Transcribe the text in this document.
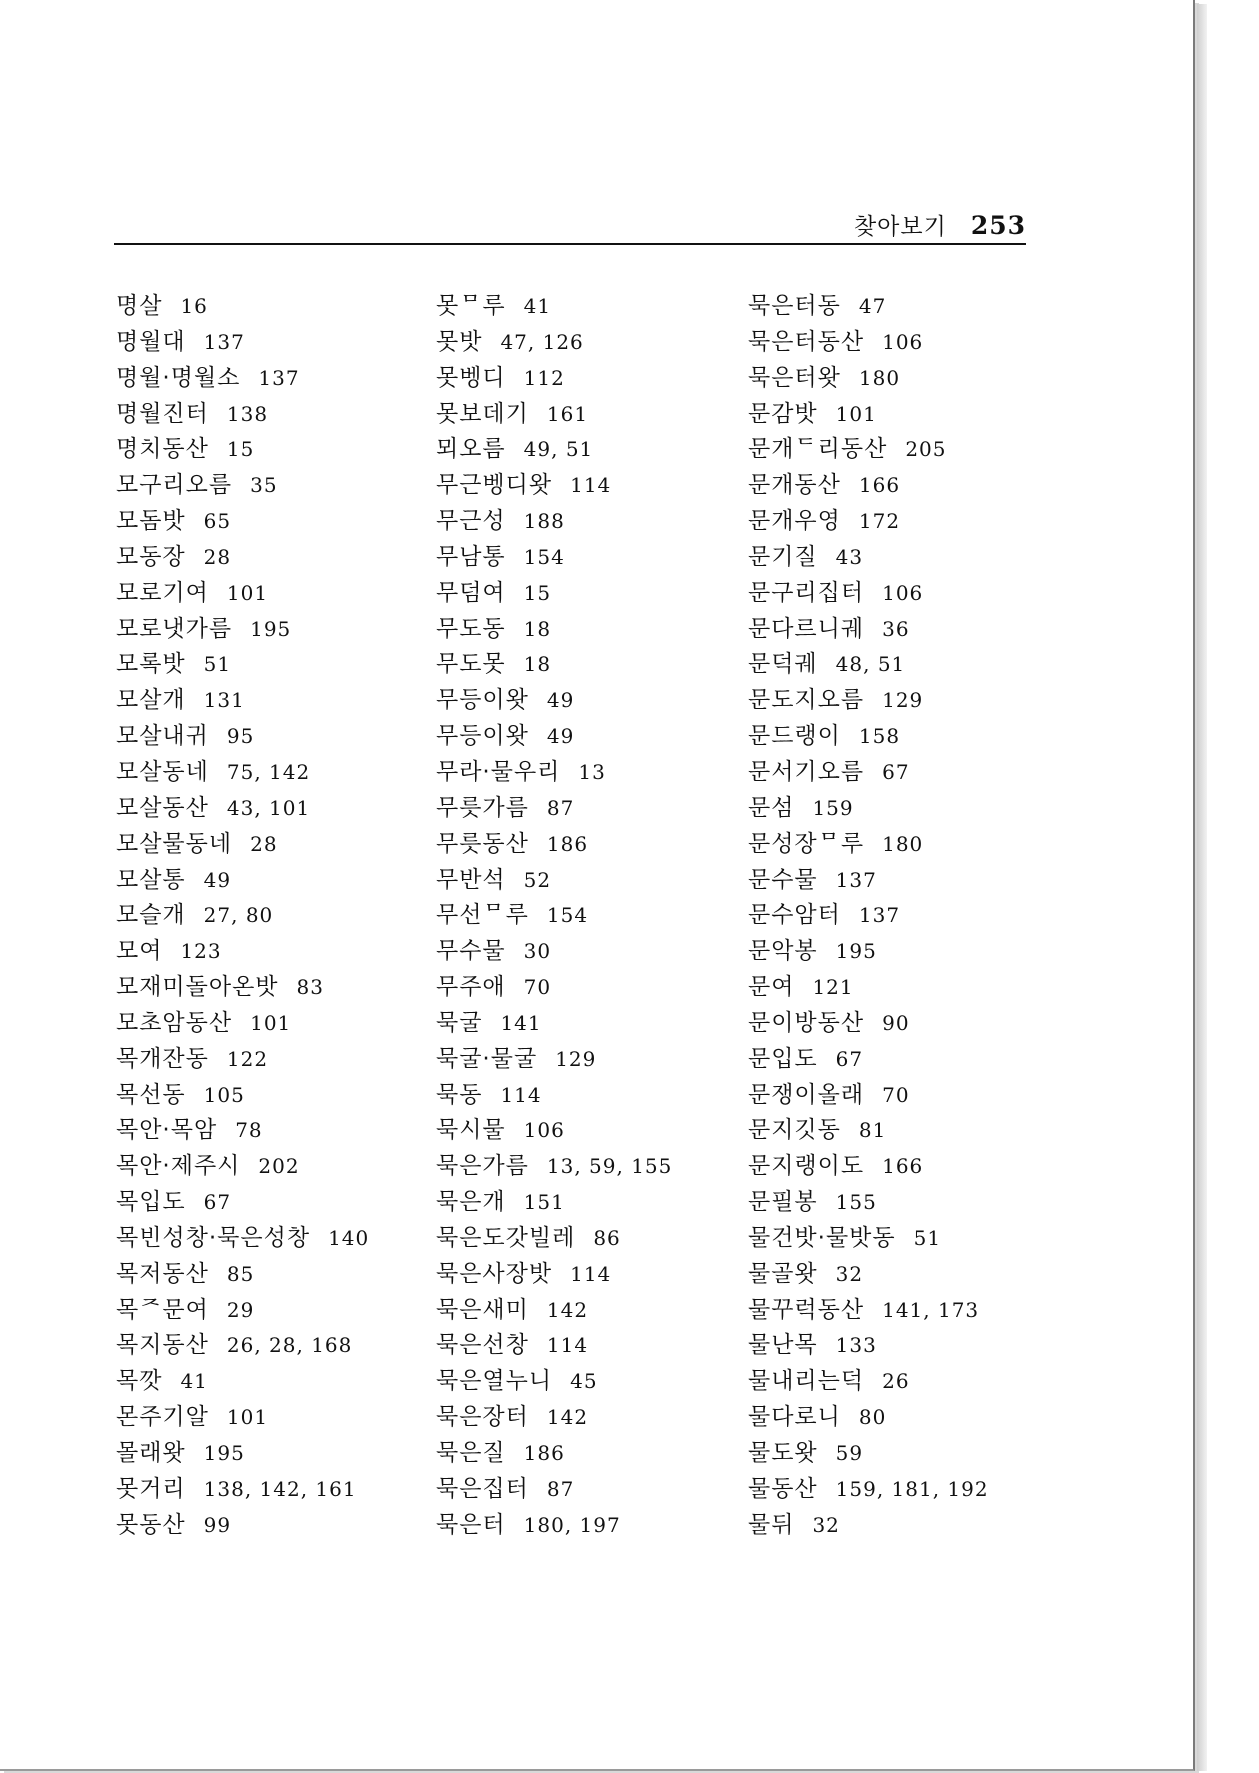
찾아보기 253
명살 16
명월대 137
명월·명월소 137
명월진터 138
명치동산 15
모구리오름 35
모돔밧 65
모동장 28
모로기여 101
모로냇가름 195
모록밧 51
모살개 131
모살내귀 95
모살동네 75, 142
모살동산 43, 101
모살물동네 28
모살통 49
모슬개 27, 80
모여 123
모재미돌아온밧 83
모초암동산 101
목개잔동 122
목선동 105
목안·목암 78
목안·제주시 202
목입도 67
목빈성창·묵은성창 140
목저동산 85
목ᄌ문여 29
목지동산 26, 28, 168
목깟 41
몬주기알 101
몰래왓 195
못거리 138, 142, 161
못동산 99
못ᄆ루 41
못밧 47, 126
못벵디 112
못보데기 161
뫼오름 49, 51
무근벵디왓 114
무근성 188
무남통 154
무덤여 15
무도동 18
무도못 18
무등이왓 49
무등이왓 49
무라·물우리 13
무릇가름 87
무릇동산 186
무반석 52
무선ᄆ루 154
무수물 30
무주애 70
묵굴 141
묵굴·물굴 129
묵동 114
묵시물 106
묵은가름 13, 59, 155
묵은개 151
묵은도갓빌레 86
묵은사장밧 114
묵은새미 142
묵은선창 114
묵은열누니 45
묵은장터 142
묵은질 186
묵은집터 87
묵은터 180, 197
묵은터동 47
묵은터동산 106
묵은터왓 180
문감밧 101
문개ᄃ리동산 205
문개동산 166
문개우영 172
문기질 43
문구리집터 106
문다르니궤 36
문덕궤 48, 51
문도지오름 129
문드랭이 158
문서기오름 67
문섬 159
문성장ᄆ루 180
문수물 137
문수암터 137
문악봉 195
문여 121
문이방동산 90
문입도 67
문쟁이올래 70
문지깃동 81
문지랭이도 166
문필봉 155
물건밧·물밧동 51
물골왓 32
물꾸럭동산 141, 173
물난목 133
물내리는덕 26
물다로니 80
물도왓 59
물동산 159, 181, 192
물뒤 32
